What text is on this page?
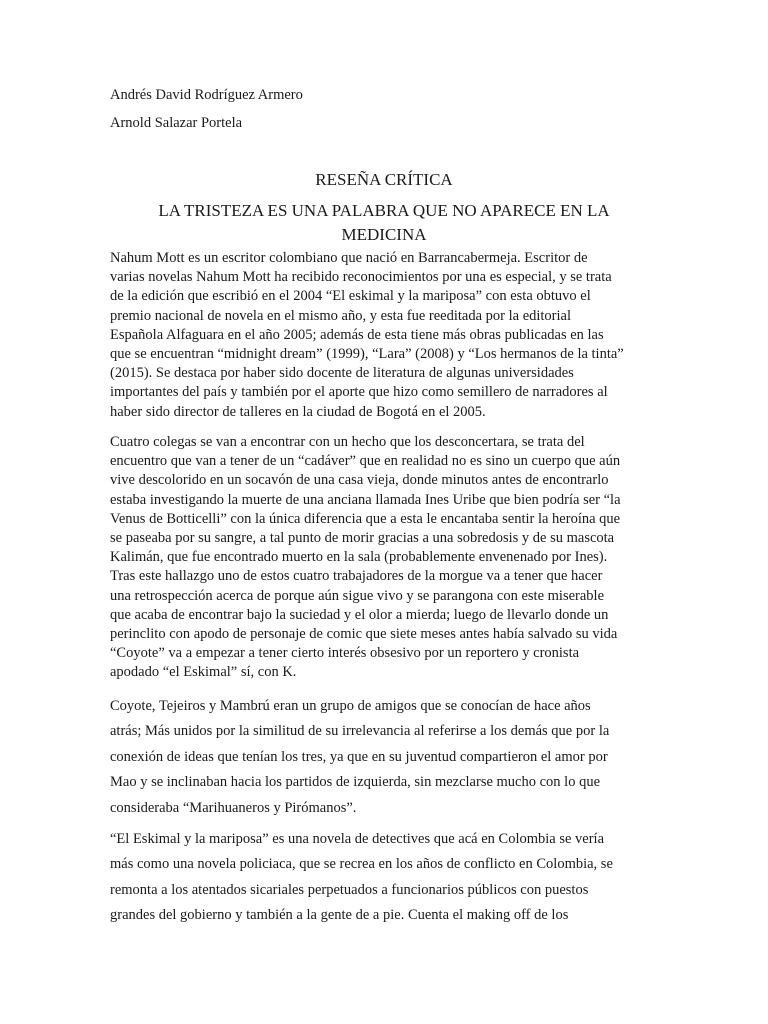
Andrés David Rodríguez Armero
Arnold Salazar Portela
RESEÑA CRÍTICA
LA TRISTEZA ES UNA PALABRA QUE NO APARECE EN LA
MEDICINA

Nahum Mott es un escritor colombiano que nació en Barrancabermeja. Escritor de
varias novelas Nahum Mott ha recibido reconocimientos por una es especial, y se trata
de la edición que escribió en el 2004 “El eskimal y la mariposa” con esta obtuvo el
premio nacional de novela en el mismo año, y esta fue reeditada por la editorial
Española Alfaguara en el año 2005; además de esta tiene más obras publicadas en las
que se encuentran “midnight dream” (1999), “Lara” (2008) y “Los hermanos de la tinta”
(2015). Se destaca por haber sido docente de literatura de algunas universidades
importantes del país y también por el aporte que hizo como semillero de narradores al
haber sido director de talleres en la ciudad de Bogotá en el 2005.

Cuatro colegas se van a encontrar con un hecho que los desconcertara, se trata del
encuentro que van a tener de un “cadáver” que en realidad no es sino un cuerpo que aún
vive descolorido en un socavón de una casa vieja, donde minutos antes de encontrarlo
estaba investigando la muerte de una anciana llamada Ines Uribe que bien podría ser “la
Venus de Botticelli” con la única diferencia que a esta le encantaba sentir la heroína que
se paseaba por su sangre, a tal punto de morir gracias a una sobredosis y de su mascota
Kalimán, que fue encontrado muerto en la sala (probablemente envenenado por Ines).
Tras este hallazgo uno de estos cuatro trabajadores de la morgue va a tener que hacer
una retrospección acerca de porque aún sigue vivo y se parangona con este miserable
que acaba de encontrar bajo la suciedad y el olor a mierda; luego de llevarlo donde un
perinclito con apodo de personaje de comic que siete meses antes había salvado su vida
“Coyote” va a empezar a tener cierto interés obsesivo por un reportero y cronista
apodado “el Eskimal” sí, con K.

Coyote, Tejeiros y Mambrú eran un grupo de amigos que se conocían de hace años
atrás; Más unidos por la similitud de su irrelevancia al referirse a los demás que por la
conexión de ideas que tenían los tres, ya que en su juventud compartieron el amor por
Mao y se inclinaban hacia los partidos de izquierda, sin mezclarse mucho con lo que
consideraba “Marihuaneros y Pirómanos”.

“El Eskimal y la mariposa” es una novela de detectives que acá en Colombia se vería
más como una novela policiaca, que se recrea en los años de conflicto en Colombia, se
remonta a los atentados sicariales perpetuados a funcionarios públicos con puestos
grandes del gobierno y también a la gente de a pie. Cuenta el making off de los
